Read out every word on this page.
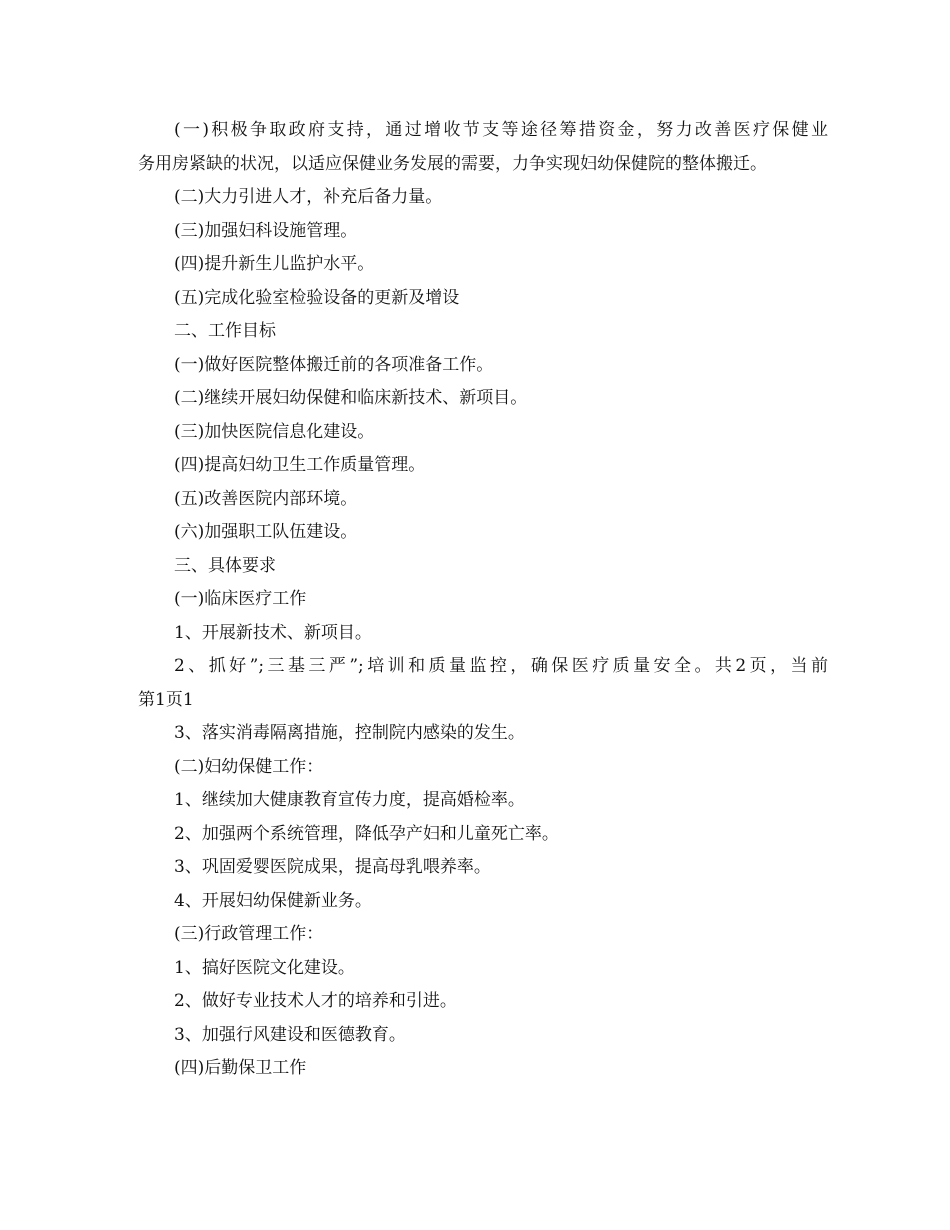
(一)积极争取政府支持，通过增收节支等途径筹措资金，努力改善医疗保健业
务用房紧缺的状况，以适应保健业务发展的需要，力争实现妇幼保健院的整体搬迁。
(二)大力引进人才，补充后备力量。
(三)加强妇科设施管理。
(四)提升新生儿监护水平。
(五)完成化验室检验设备的更新及增设
二、工作目标
(一)做好医院整体搬迁前的各项准备工作。
(二)继续开展妇幼保健和临床新技术、新项目。
(三)加快医院信息化建设。
(四)提高妇幼卫生工作质量管理。
(五)改善医院内部环境。
(六)加强职工队伍建设。
三、具体要求
(一)临床医疗工作
1、开展新技术、新项目。
2、抓好”;三基三严”;培训和质量监控，确保医疗质量安全。共2页，当前
第1页1
3、落实消毒隔离措施，控制院内感染的发生。
(二)妇幼保健工作：
1、继续加大健康教育宣传力度，提高婚检率。
2、加强两个系统管理，降低孕产妇和儿童死亡率。
3、巩固爱婴医院成果，提高母乳喂养率。
4、开展妇幼保健新业务。
(三)行政管理工作：
1、搞好医院文化建设。
2、做好专业技术人才的培养和引进。
3、加强行风建设和医德教育。
(四)后勤保卫工作
